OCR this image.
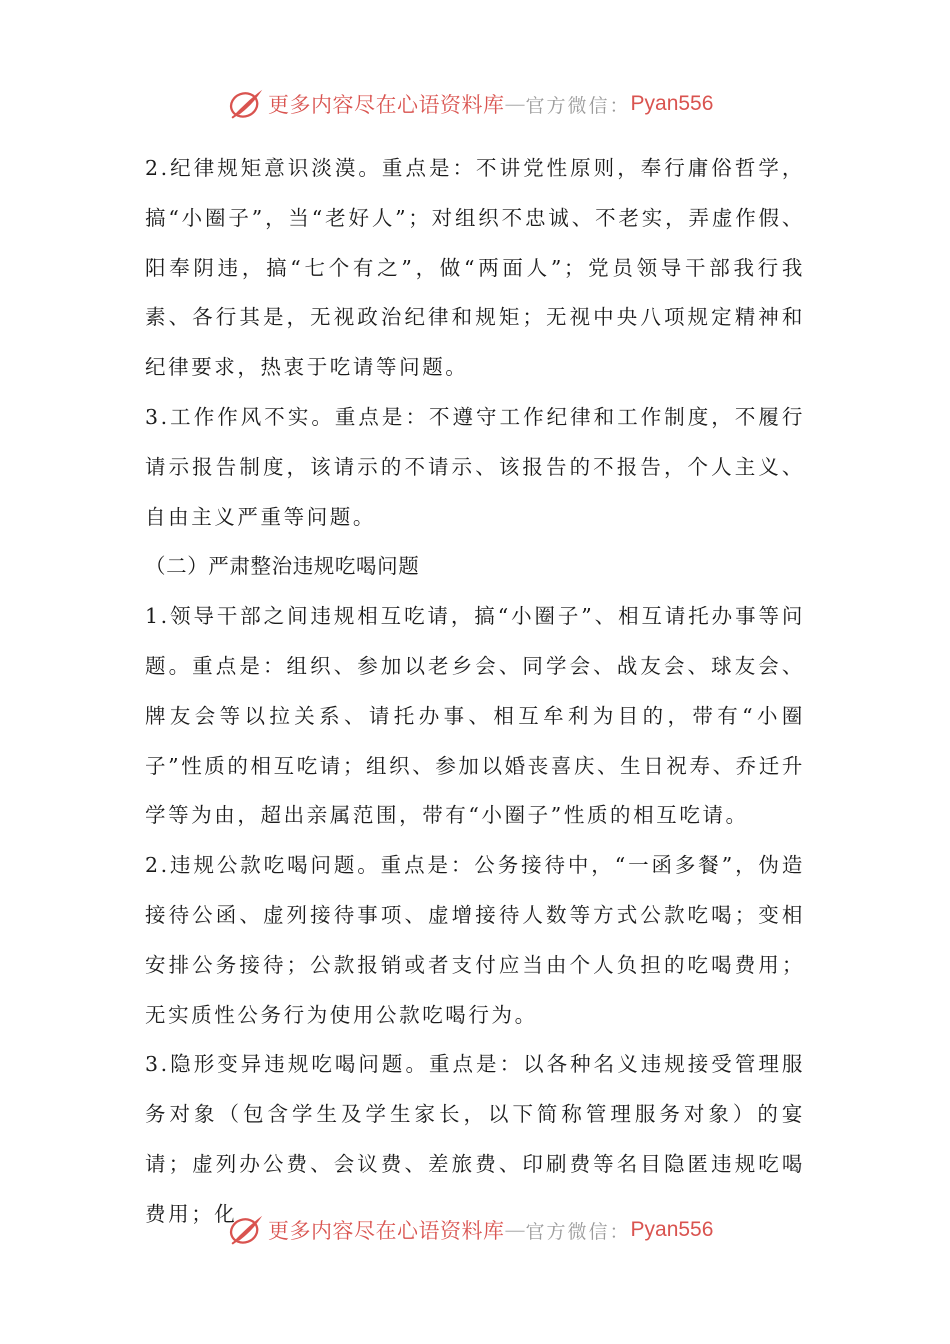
更多内容尽在心语资料库 — 官方微信： Pyan556

2.纪律规矩意识淡漠。重点是：不讲党性原则，奉行庸俗哲学，搞“小圈子”，当“老好人”；对组织不忠诚、不老实，弄虚作假、阳奉阴违，搞“七个有之”，做“两面人”；党员领导干部我行我素、各行其是，无视政治纪律和规矩；无视中央八项规定精神和纪律要求，热衷于吃请等问题。

3.工作作风不实。重点是：不遵守工作纪律和工作制度，不履行请示报告制度，该请示的不请示、该报告的不报告，个人主义、自由主义严重等问题。

（二）严肃整治违规吃喝问题

1.领导干部之间违规相互吃请，搞“小圈子”、相互请托办事等问题。重点是：组织、参加以老乡会、同学会、战友会、球友会、牌友会等以拉关系、请托办事、相互牟利为目的，带有“小圈子”性质的相互吃请；组织、参加以婚丧喜庆、生日祝寿、乔迁升学等为由，超出亲属范围，带有“小圈子”性质的相互吃请。

2.违规公款吃喝问题。重点是：公务接待中，“一函多餐”，伪造接待公函、虚列接待事项、虚增接待人数等方式公款吃喝；变相安排公务接待；公款报销或者支付应当由个人负担的吃喝费用；无实质性公务行为使用公款吃喝行为。

3.隐形变异违规吃喝问题。重点是：以各种名义违规接受管理服务对象（包含学生及学生家长，以下简称管理服务对象）的宴请；虚列办公费、会议费、差旅费、印刷费等名目隐匿违规吃喝费用；化

更多内容尽在心语资料库 — 官方微信： Pyan556
